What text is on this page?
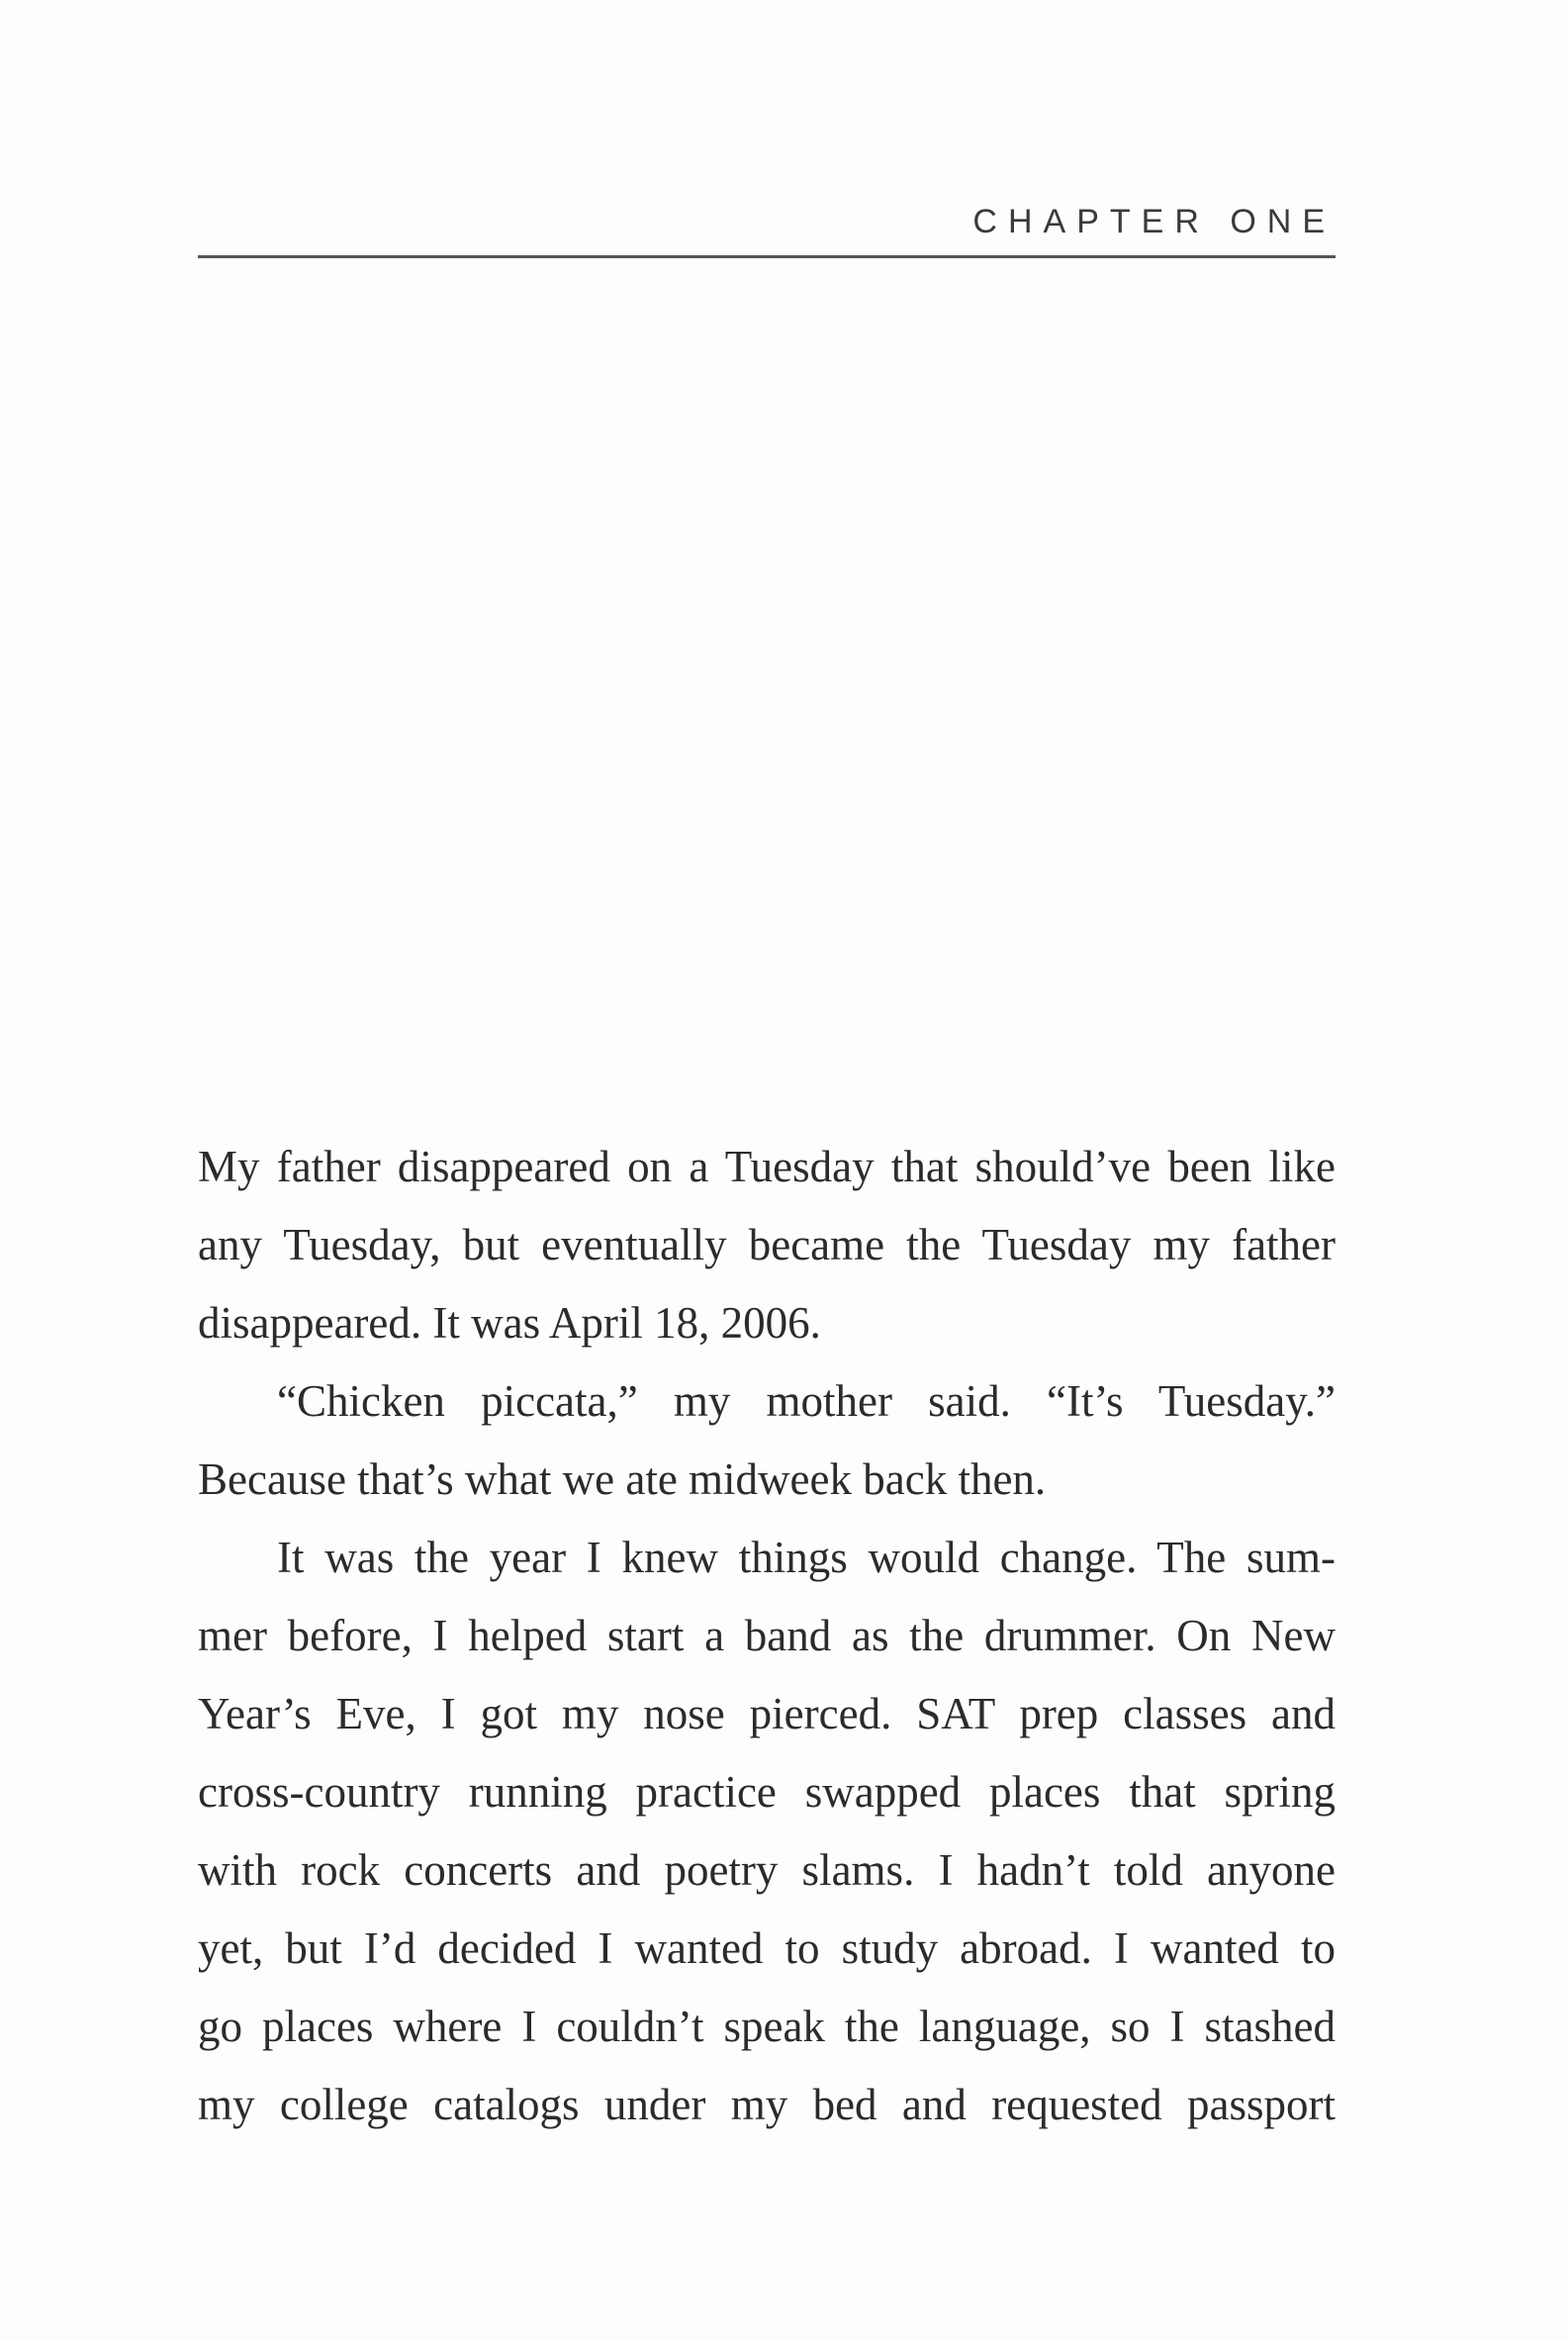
CHAPTER ONE
My father disappeared on a Tuesday that should’ve been like
any Tuesday, but eventually became the Tuesday my father
disappeared. It was April 18, 2006.
“Chicken piccata,” my mother said. “It’s Tuesday.”
Because that’s what we ate midweek back then.
It was the year I knew things would change. The sum-
mer before, I helped start a band as the drummer. On New
Year’s Eve, I got my nose pierced. SAT prep classes and
cross-country running practice swapped places that spring
with rock concerts and poetry slams. I hadn’t told anyone
yet, but I’d decided I wanted to study abroad. I wanted to
go places where I couldn’t speak the language, so I stashed
my college catalogs under my bed and requested passport
